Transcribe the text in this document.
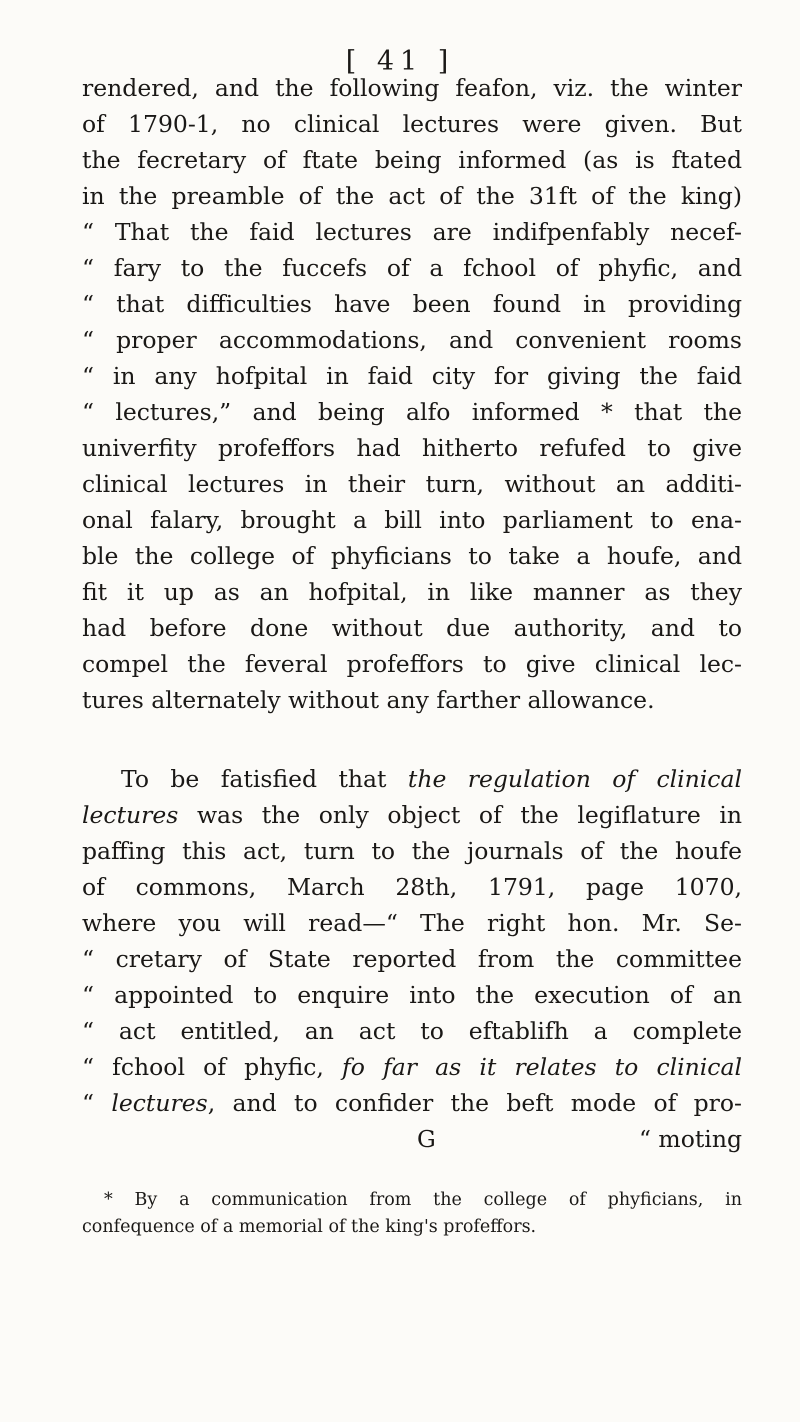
[ 41 ]
rendered, and the following feafon, viz. the winter
of 1790-1, no clinical lectures were given. But
the fecretary of ftate being informed (as is ftated
in the preamble of the act of the 31ft of the king)
“ That the faid lectures are indifpenfably necef-
“ fary to the fuccefs of a fchool of phyfic, and
“ that difficulties have been found in providing
“ proper accommodations, and convenient rooms
“ in any hofpital in faid city for giving the faid
“ lectures,” and being alfo informed * that the
univerfity profeffors had hitherto refufed to give
clinical lectures in their turn, without an additi-
onal falary, brought a bill into parliament to ena-
ble the college of phyficians to take a houfe, and
fit it up as an hofpital, in like manner as they
had before done without due authority, and to
compel the feveral profeffors to give clinical lec-
tures alternately without any farther allowance.
To be fatisfied that the regulation of clinical
lectures was the only object of the legiflature in
paffing this act, turn to the journals of the houfe
of commons, March 28th, 1791, page 1070,
where you will read—“ The right hon. Mr. Se-
“ cretary of State reported from the committee
“ appointed to enquire into the execution of an
“ act entitled, an act to eftablifh a complete
“ fchool of phyfic, fo far as it relates to clinical
“ lectures, and to confider the beft mode of pro-
G	“ moting
* By a communication from the college of phyficians, in
confequence of a memorial of the king's profeffors.
